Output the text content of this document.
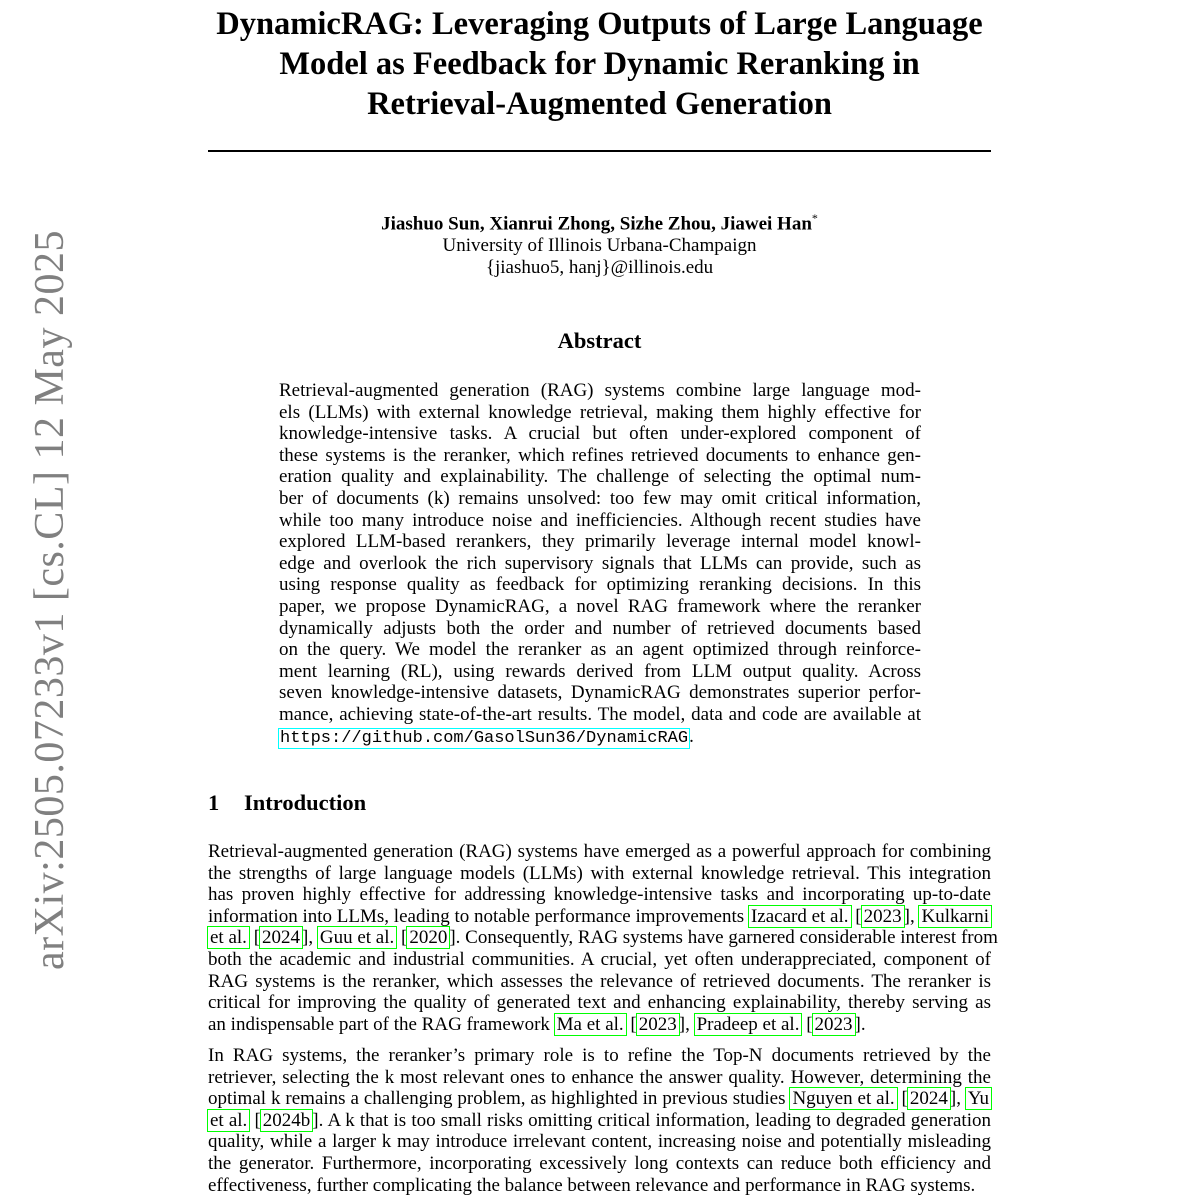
arXiv:2505.07233v1 [cs.CL] 12 May 2025

DynamicRAG: Leveraging Outputs of Large Language
Model as Feedback for Dynamic Reranking in
Retrieval-Augmented Generation

Jiashuo Sun, Xianrui Zhong, Sizhe Zhou, Jiawei Han*
University of Illinois Urbana-Champaign
{jiashuo5, hanj}@illinois.edu
Abstract
Retrieval-augmented generation (RAG) systems combine large language mod-
els (LLMs) with external knowledge retrieval, making them highly effective for
knowledge-intensive tasks. A crucial but often under-explored component of
these systems is the reranker, which refines retrieved documents to enhance gen-
eration quality and explainability. The challenge of selecting the optimal num-
ber of documents (k) remains unsolved: too few may omit critical information,
while too many introduce noise and inefficiencies. Although recent studies have
explored LLM-based rerankers, they primarily leverage internal model knowl-
edge and overlook the rich supervisory signals that LLMs can provide, such as
using response quality as feedback for optimizing reranking decisions. In this
paper, we propose DynamicRAG, a novel RAG framework where the reranker
dynamically adjusts both the order and number of retrieved documents based
on the query. We model the reranker as an agent optimized through reinforce-
ment learning (RL), using rewards derived from LLM output quality. Across
seven knowledge-intensive datasets, DynamicRAG demonstrates superior perfor-
mance, achieving state-of-the-art results. The model, data and code are available at
https://github.com/GasolSun36/DynamicRAG.
1 Introduction
Retrieval-augmented generation (RAG) systems have emerged as a powerful approach for combining
the strengths of large language models (LLMs) with external knowledge retrieval. This integration
has proven highly effective for addressing knowledge-intensive tasks and incorporating up-to-date
information into LLMs, leading to notable performance improvements Izacard et al. [ 2023 ], Kulkarni
et al. [ 2024 ], Guu et al. [ 2020 ]. Consequently, RAG systems have garnered considerable interest from
both the academic and industrial communities. A crucial, yet often underappreciated, component of
RAG systems is the reranker, which assesses the relevance of retrieved documents. The reranker is
critical for improving the quality of generated text and enhancing explainability, thereby serving as
an indispensable part of the RAG framework Ma et al. [ 2023 ], Pradeep et al. [ 2023 ].
In RAG systems, the reranker’s primary role is to refine the Top-N documents retrieved by the
retriever, selecting the k most relevant ones to enhance the answer quality. However, determining the
optimal k remains a challenging problem, as highlighted in previous studies Nguyen et al. [ 2024 ], Yu
et al. [ 2024b ]. A k that is too small risks omitting critical information, leading to degraded generation
quality, while a larger k may introduce irrelevant content, increasing noise and potentially misleading
the generator. Furthermore, incorporating excessively long contexts can reduce both efficiency and
effectiveness, further complicating the balance between relevance and performance in RAG systems.
